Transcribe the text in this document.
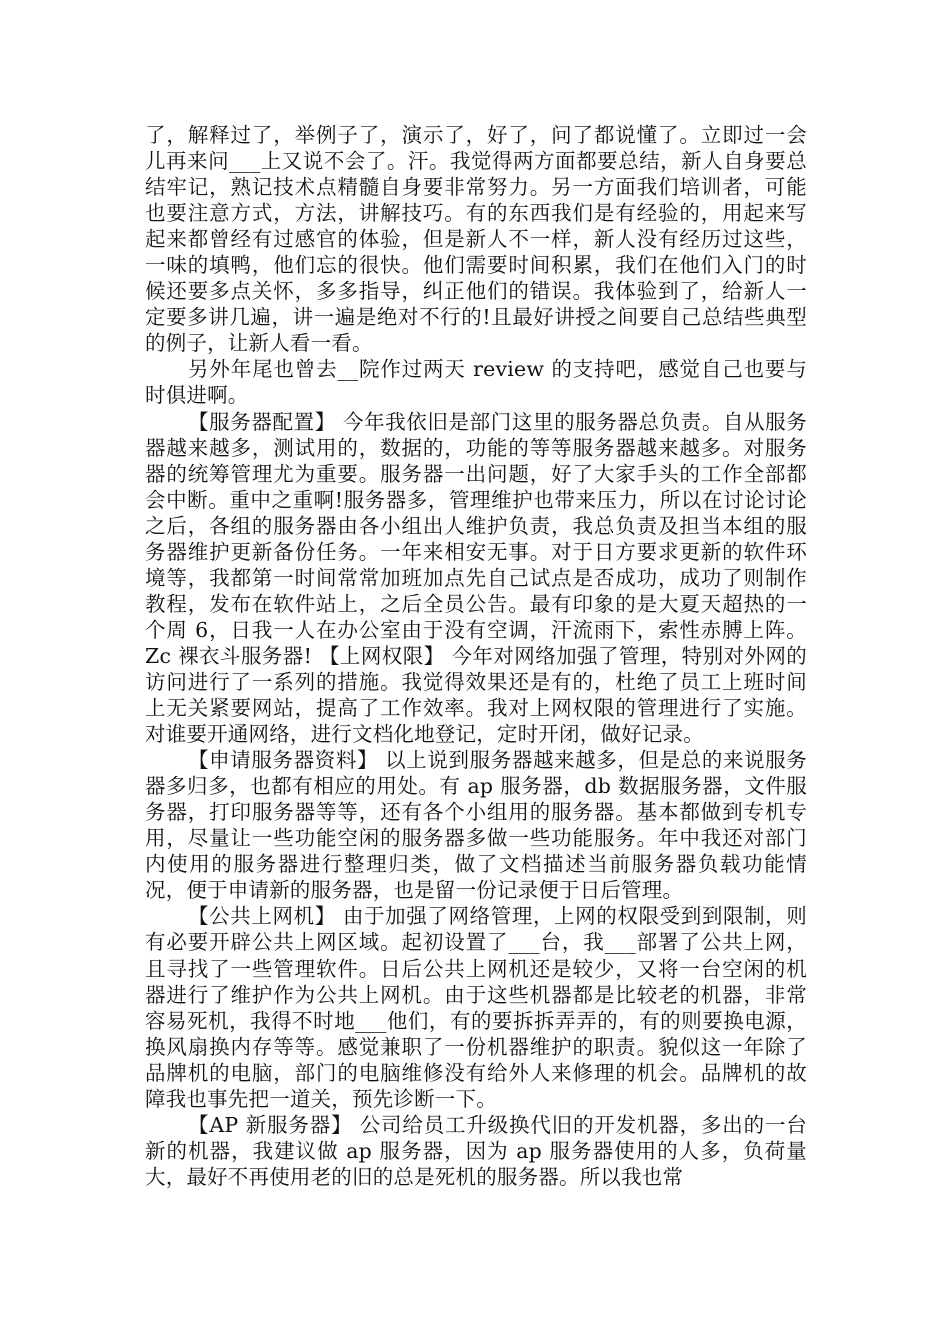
了，解释过了，举例子了，演示了，好了，问了都说懂了。立即过一会儿再来问___上又说不会了。汗。我觉得两方面都要总结，新人自身要总结牢记，熟记技术点精髓自身要非常努力。另一方面我们培训者，可能也要注意方式，方法，讲解技巧。有的东西我们是有经验的，用起来写起来都曾经有过感官的体验，但是新人不一样，新人没有经历过这些，一味的填鸭，他们忘的很快。他们需要时间积累，我们在他们入门的时候还要多点关怀，多多指导，纠正他们的错误。我体验到了，给新人一定要多讲几遍，讲一遍是绝对不行的!且最好讲授之间要自己总结些典型的例子，让新人看一看。

另外年尾也曾去__院作过两天 review 的支持吧，感觉自己也要与时俱进啊。

【服务器配置】 今年我依旧是部门这里的服务器总负责。自从服务器越来越多，测试用的，数据的，功能的等等服务器越来越多。对服务器的统筹管理尤为重要。服务器一出问题，好了大家手头的工作全部都会中断。重中之重啊!服务器多，管理维护也带来压力，所以在讨论讨论之后，各组的服务器由各小组出人维护负责，我总负责及担当本组的服务器维护更新备份任务。一年来相安无事。对于日方要求更新的软件环境等，我都第一时间常常加班加点先自己试点是否成功，成功了则制作教程，发布在软件站上，之后全员公告。最有印象的是大夏天超热的一个周 6，日我一人在办公室由于没有空调，汗流雨下，索性赤膊上阵。Zc 裸衣斗服务器! 【上网权限】 今年对网络加强了管理，特别对外网的访问进行了一系列的措施。我觉得效果还是有的，杜绝了员工上班时间 上无关紧要网站，提高了工作效率。我对上网权限的管理进行了实施。对谁要开通网络，进行文档化地登记，定时开闭，做好记录。

【申请服务器资料】 以上说到服务器越来越多，但是总的来说服务器多归多，也都有相应的用处。有 ap 服务器，db 数据服务器，文件服务器，打印服务器等等，还有各个小组用的服务器。基本都做到专机专用，尽量让一些功能空闲的服务器多做一些功能服务。年中我还对部门内使用的服务器进行整理归类，做了文档描述当前服务器负载功能情况，便于申请新的服务器，也是留一份记录便于日后管理。

【公共上网机】 由于加强了网络管理，上网的权限受到到限制，则有必要开辟公共上网区域。起初设置了___台，我___部署了公共上网，且寻找了一些管理软件。日后公共上网机还是较少，又将一台空闲的机器进行了维护作为公共上网机。由于这些机器都是比较老的机器，非常容易死机，我得不时地___他们，有的要拆拆弄弄的，有的则要换电源，换风扇换内存等等。感觉兼职了一份机器维护的职责。貌似这一年除了品牌机的电脑，部门的电脑维修没有给外人来修理的机会。品牌机的故障我也事先把一道关，预先诊断一下。

【AP 新服务器】 公司给员工升级换代旧的开发机器，多出的一台新的机器，我建议做 ap 服务器，因为 ap 服务器使用的人多，负荷量大，最好不再使用老的旧的总是死机的服务器。所以我也常
